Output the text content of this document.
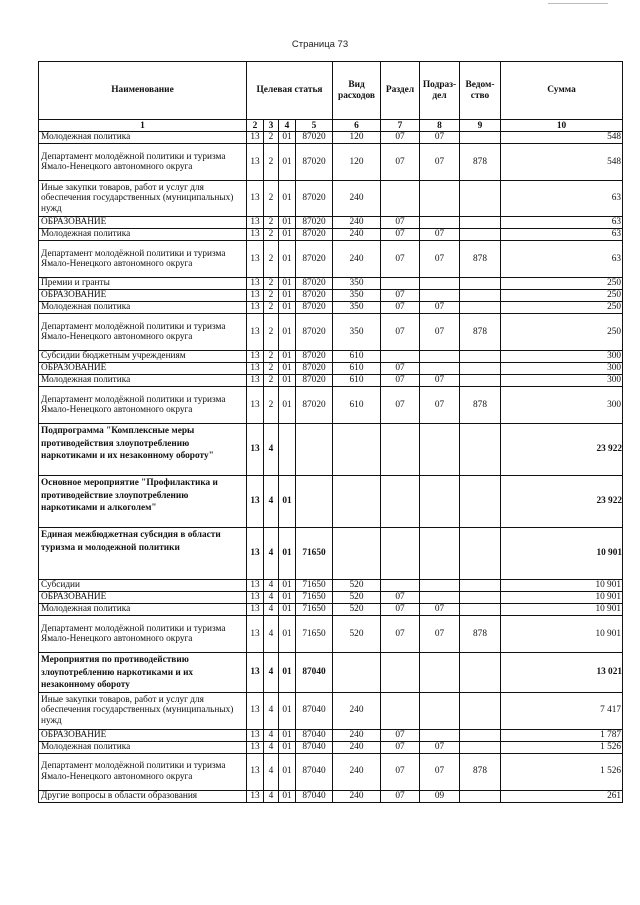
Страница 73
Наименование	Целевая статья				Вид расходов	Раздел	Подраз- дел	Ведом- ство	Сумма
1	2	3	4	5	6	7	8	9	10
Молодежная политика	13	2	01	87020	120	07	07		548
Департамент молодёжной политики и туризма Ямало-Ненецкого автономного округа	13	2	01	87020	120	07	07	878	548
Иные закупки товаров, работ и услуг для обеспечения государственных (муниципальных) нужд	13	2	01	87020	240				63
ОБРАЗОВАНИЕ	13	2	01	87020	240	07			63
Молодежная политика	13	2	01	87020	240	07	07		63
Департамент молодёжной политики и туризма Ямало-Ненецкого автономного округа	13	2	01	87020	240	07	07	878	63
Премии и гранты	13	2	01	87020	350				250
ОБРАЗОВАНИЕ	13	2	01	87020	350	07			250
Молодежная политика	13	2	01	87020	350	07	07		250
Департамент молодёжной политики и туризма Ямало-Ненецкого автономного округа	13	2	01	87020	350	07	07	878	250
Субсидии бюджетным учреждениям	13	2	01	87020	610				300
ОБРАЗОВАНИЕ	13	2	01	87020	610	07			300
Молодежная политика	13	2	01	87020	610	07	07		300
Департамент молодёжной политики и туризма Ямало-Ненецкого автономного округа	13	2	01	87020	610	07	07	878	300
Подпрограмма "Комплексные меры противодействия злоупотреблению наркотиками и их незаконному обороту"	13	4							23 922
Основное мероприятие "Профилактика и противодействие злоупотреблению наркотиками и алкоголем"	13	4	01						23 922
Единая межбюджетная субсидия в области туризма и молодежной политики	13	4	01	71650					10 901
Субсидии	13	4	01	71650	520				10 901
ОБРАЗОВАНИЕ	13	4	01	71650	520	07			10 901
Молодежная политика	13	4	01	71650	520	07	07		10 901
Департамент молодёжной политики и туризма Ямало-Ненецкого автономного округа	13	4	01	71650	520	07	07	878	10 901
Мероприятия по противодействию злоупотреблению наркотиками и их незаконному обороту	13	4	01	87040					13 021
Иные закупки товаров, работ и услуг для обеспечения государственных (муниципальных) нужд	13	4	01	87040	240				7 417
ОБРАЗОВАНИЕ	13	4	01	87040	240	07			1 787
Молодежная политика	13	4	01	87040	240	07	07		1 526
Департамент молодёжной политики и туризма Ямало-Ненецкого автономного округа	13	4	01	87040	240	07	07	878	1 526
Другие вопросы в области образования	13	4	01	87040	240	07	09		261
